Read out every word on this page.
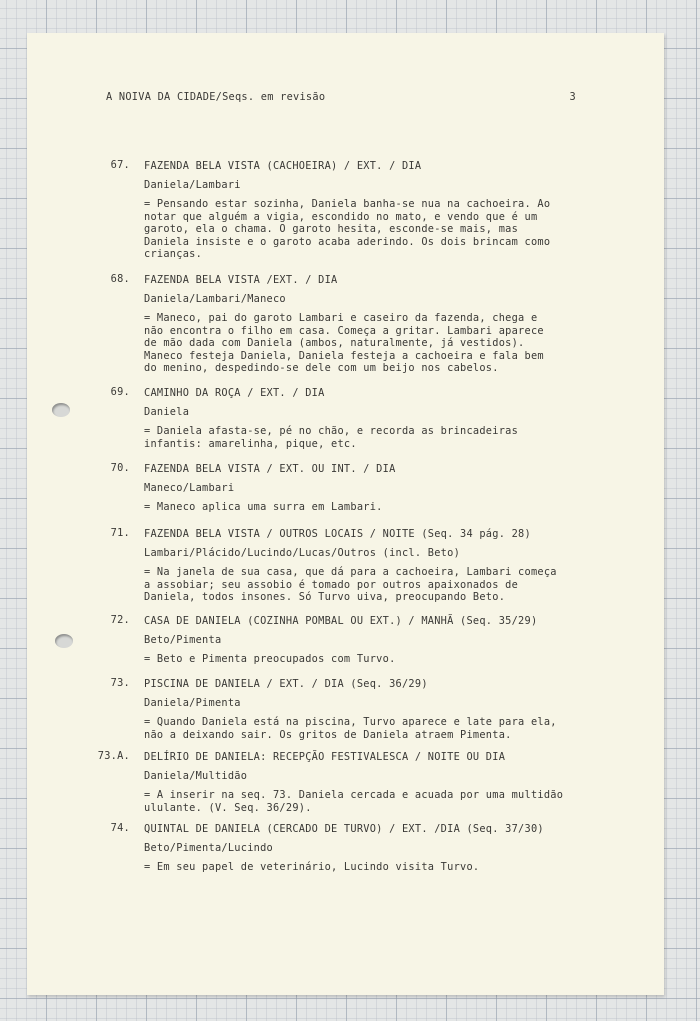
A NOIVA DA CIDADE/Seqs. em revisão	3
67. FAZENDA BELA VISTA (CACHOEIRA) / EXT. / DIA
Daniela/Lambari
= Pensando estar sozinha, Daniela banha-se nua na cachoeira. Ao
notar que alguém a vigia, escondido no mato, e vendo que é um
garoto, ela o chama. O garoto hesita, esconde-se mais, mas
Daniela insiste e o garoto acaba aderindo. Os dois brincam como
crianças.
68. FAZENDA BELA VISTA /EXT. / DIA
Daniela/Lambari/Maneco
= Maneco, pai do garoto Lambari e caseiro da fazenda, chega e
não encontra o filho em casa. Começa a gritar. Lambari aparece
de mão dada com Daniela (ambos, naturalmente, já vestidos).
Maneco festeja Daniela, Daniela festeja a cachoeira e fala bem
do menino, despedindo-se dele com um beijo nos cabelos.
69. CAMINHO DA ROÇA / EXT. / DIA
Daniela
= Daniela afasta-se, pé no chão, e recorda as brincadeiras
infantis: amarelinha, pique, etc.
70. FAZENDA BELA VISTA / EXT. OU INT. / DIA
Maneco/Lambari
= Maneco aplica uma surra em Lambari.
71. FAZENDA BELA VISTA / OUTROS LOCAIS / NOITE (Seq. 34 pág. 28)
Lambari/Plácido/Lucindo/Lucas/Outros (incl. Beto)
= Na janela de sua casa, que dá para a cachoeira, Lambari começa
a assobiar; seu assobio é tomado por outros apaixonados de
Daniela, todos insones. Só Turvo uiva, preocupando Beto.
72. CASA DE DANIELA (COZINHA POMBAL OU EXT.) / MANHÃ (Seq. 35/29)
Beto/Pimenta
= Beto e Pimenta preocupados com Turvo.
73. PISCINA DE DANIELA / EXT. / DIA (Seq. 36/29)
Daniela/Pimenta
= Quando Daniela está na piscina, Turvo aparece e late para ela,
não a deixando sair. Os gritos de Daniela atraem Pimenta.
73.A. DELÍRIO DE DANIELA: RECEPÇÃO FESTIVALESCA / NOITE OU DIA
Daniela/Multidão
= A inserir na seq. 73. Daniela cercada e acuada por uma multidão
ululante. (V. Seq. 36/29).
74. QUINTAL DE DANIELA (CERCADO DE TURVO) / EXT. /DIA (Seq. 37/30)
Beto/Pimenta/Lucindo
= Em seu papel de veterinário, Lucindo visita Turvo.
